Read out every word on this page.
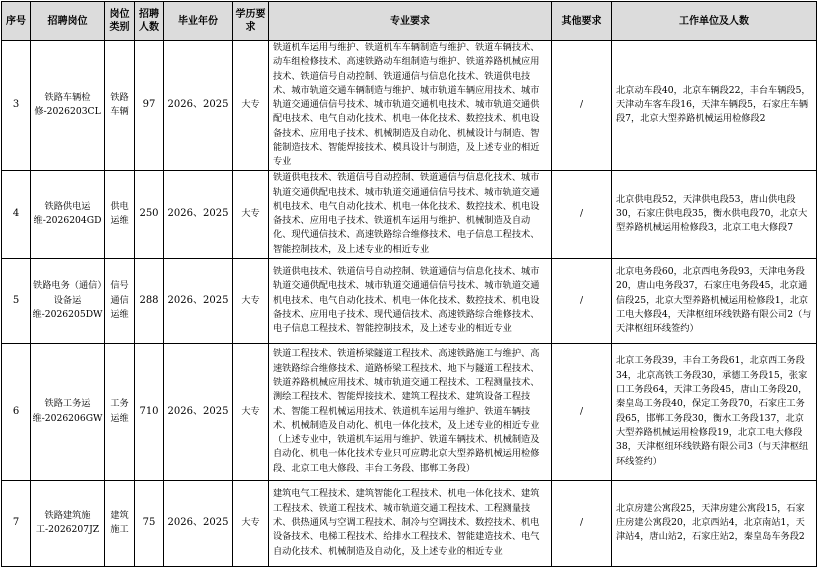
序号	招聘岗位	岗位类别	招聘人数	毕业年份	学历要求	专业要求	其他要求	工作单位及人数
3	铁路车辆检修-2026203CL	铁路车辆	97	2026、2025	大专	铁道机车运用与维护、铁道机车车辆制造与维护、铁道车辆技术、动车组检修技术、高速铁路动车组制造与维护、铁道养路机械应用技术、铁道信号自动控制、铁道通信与信息化技术、铁道供电技术、城市轨道交通车辆制造与维护、城市轨道车辆应用技术、城市轨道交通通信信号技术、城市轨道交通机电技术、城市轨道交通供配电技术、电气自动化技术、机电一体化技术、数控技术、机电设备技术、应用电子技术、机械制造及自动化、机械设计与制造、智能制造技术、智能焊接技术、模具设计与制造，及上述专业的相近专业	/	北京动车段40，北京车辆段22，丰台车辆段5，天津动车客车段16，天津车辆段5，石家庄车辆段7，北京大型养路机械运用检修段2
4	铁路供电运维-2026204GD	供电运维	250	2026、2025	大专	铁道供电技术、铁道信号自动控制、铁道通信与信息化技术、城市轨道交通供配电技术、城市轨道交通通信信号技术、城市轨道交通机电技术、电气自动化技术、机电一体化技术、数控技术、机电设备技术、应用电子技术、铁道机车运用与维护、机械制造及自动化、现代通信技术、高速铁路综合维修技术、电子信息工程技术、智能控制技术，及上述专业的相近专业	/	北京供电段52，天津供电段53，唐山供电段30，石家庄供电段35，衡水供电段70，北京大型养路机械运用检修段3，北京工电大修段7
5	铁路电务（通信）设备运维-2026205DW	信号通信运维	288	2026、2025	大专	铁道供电技术、铁道信号自动控制、铁道通信与信息化技术、城市轨道交通供配电技术、城市轨道交通通信信号技术、城市轨道交通机电技术、电气自动化技术、机电一体化技术、数控技术、机电设备技术、应用电子技术、现代通信技术、高速铁路综合维修技术、电子信息工程技术、智能控制技术，及上述专业的相近专业	/	北京电务段60，北京西电务段93，天津电务段20，唐山电务段37，石家庄电务段45，北京通信段25，北京大型养路机械运用检修段1，北京工电大修段4，天津枢纽环线铁路有限公司2（与天津枢纽环线签约）
6	铁路工务运维-2026206GW	工务运维	710	2026、2025	大专	铁道工程技术、铁道桥梁隧道工程技术、高速铁路施工与维护、高速铁路综合维修技术、道路桥梁工程技术、地下与隧道工程技术、铁道养路机械应用技术、城市轨道交通工程技术、工程测量技术、测绘工程技术、智能焊接技术、建筑工程技术、建筑设备工程技术、智能工程机械运用技术、铁道机车运用与维护、铁道车辆技术、机械制造及自动化、机电一体化技术，及上述专业的相近专业（上述专业中，铁道机车运用与维护、铁道车辆技术、机械制造及自动化、机电一体化技术专业只可应聘北京大型养路机械运用检修段、北京工电大修段、丰台工务段、邯郸工务段）	/	北京工务段39，丰台工务段61，北京西工务段34，北京高铁工务段30，承德工务段15，张家口工务段64，天津工务段45，唐山工务段20，秦皇岛工务段40，保定工务段70，石家庄工务段65，邯郸工务段30，衡水工务段137，北京大型养路机械运用检修段19，北京工电大修段38，天津枢纽环线铁路有限公司3（与天津枢纽环线签约）
7	铁路建筑施工-2026207JZ	建筑施工	75	2026、2025	大专	建筑电气工程技术、建筑智能化工程技术、机电一体化技术、建筑工程技术、铁道工程技术、城市轨道交通工程技术、工程测量技术、供热通风与空调工程技术、制冷与空调技术、数控技术、机电设备技术、电梯工程技术、给排水工程技术、智能建造技术、电气自动化技术、机械制造及自动化，及上述专业的相近专业	/	北京房建公寓段25，天津房建公寓段15，石家庄房建公寓段20，北京西站4，北京南站1，天津站4，唐山站2，石家庄站2，秦皇岛车务段2
